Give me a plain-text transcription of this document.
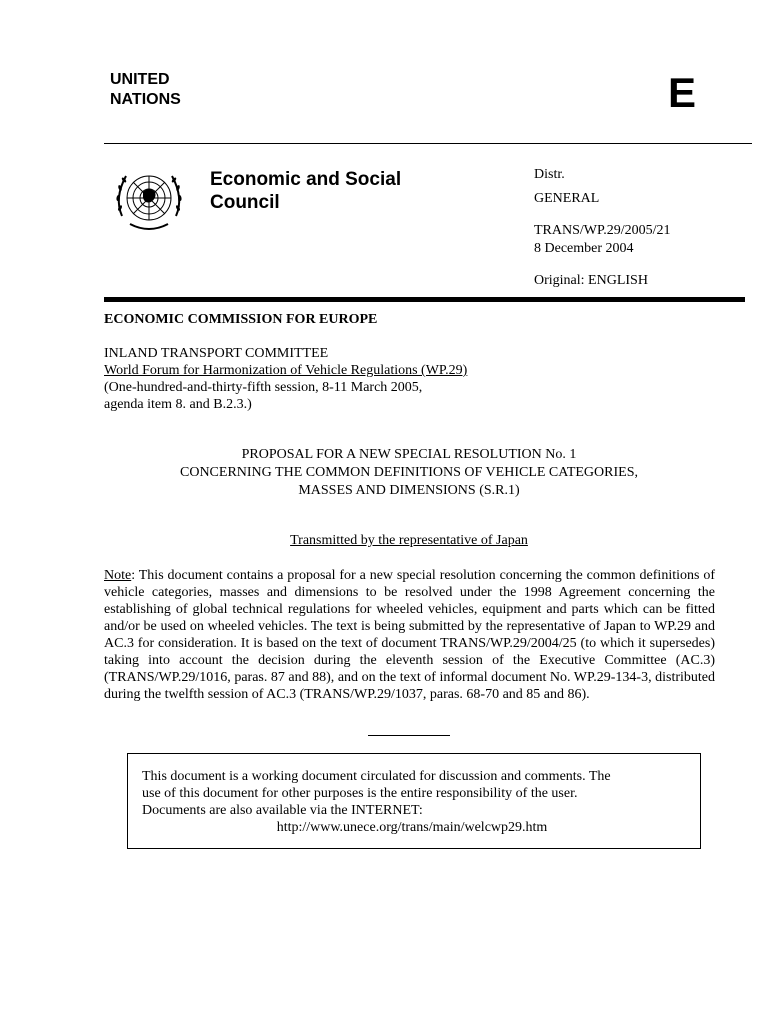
UNITED
NATIONS	E
Economic and Social
Council
Distr.
GENERAL
TRANS/WP.29/2005/21
8 December 2004
Original: ENGLISH
ECONOMIC COMMISSION FOR EUROPE
INLAND TRANSPORT COMMITTEE
World Forum for Harmonization of Vehicle Regulations (WP.29)
(One-hundred-and-thirty-fifth session, 8-11 March 2005,
agenda item 8. and B.2.3.)
PROPOSAL FOR A NEW SPECIAL RESOLUTION No. 1
CONCERNING THE COMMON DEFINITIONS OF VEHICLE CATEGORIES,
MASSES AND DIMENSIONS (S.R.1)
Transmitted by the representative of Japan
Note: This document contains a proposal for a new special resolution concerning the common definitions of vehicle categories, masses and dimensions to be resolved under the 1998 Agreement concerning the establishing of global technical regulations for wheeled vehicles, equipment and parts which can be fitted and/or be used on wheeled vehicles. The text is being submitted by the representative of Japan to WP.29 and AC.3 for consideration. It is based on the text of document TRANS/WP.29/2004/25 (to which it supersedes) taking into account the decision during the eleventh session of the Executive Committee (AC.3) (TRANS/WP.29/1016, paras. 87 and 88), and on the text of informal document No. WP.29-134-3, distributed during the twelfth session of AC.3 (TRANS/WP.29/1037, paras. 68-70 and 85 and 86).
This document is a working document circulated for discussion and comments. The
use of this document for other purposes is the entire responsibility of the user.
Documents are also available via the INTERNET:
http://www.unece.org/trans/main/welcwp29.htm
